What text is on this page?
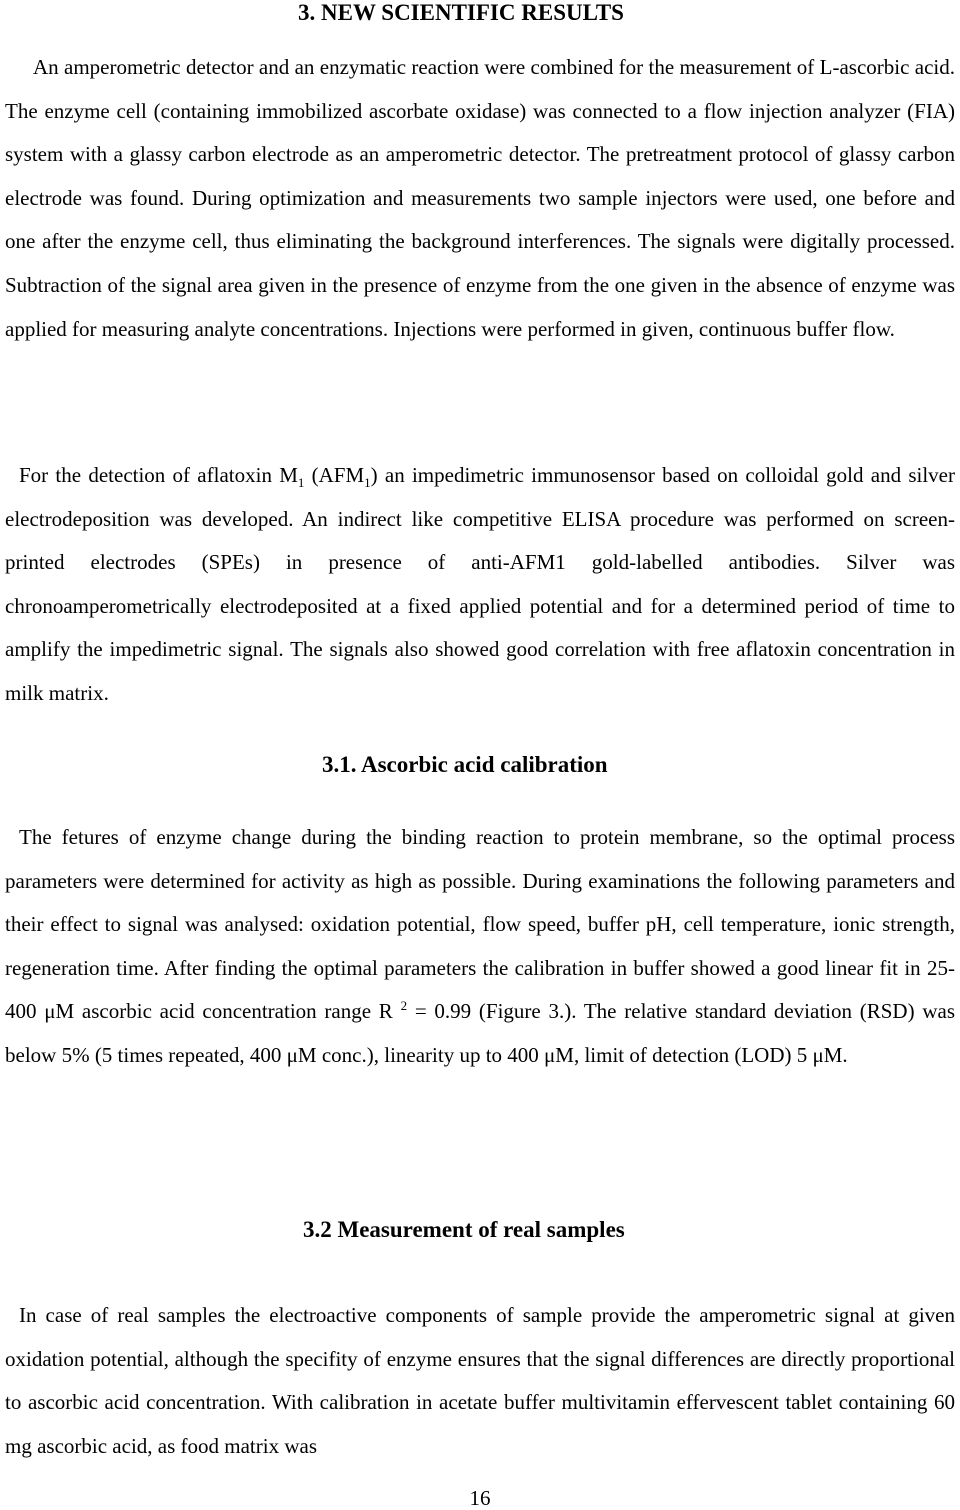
3. NEW SCIENTIFIC RESULTS

An amperometric detector and an enzymatic reaction were combined for the measurement of L-ascorbic acid. The enzyme cell (containing immobilized ascorbate oxidase) was connected to a flow injection analyzer (FIA) system with a glassy carbon electrode as an amperometric detector. The pretreatment protocol of glassy carbon electrode was found. During optimization and measurements two sample injectors were used, one before and one after the enzyme cell, thus eliminating the background interferences. The signals were digitally processed. Subtraction of the signal area given in the presence of enzyme from the one given in the absence of enzyme was applied for measuring analyte concentrations. Injections were performed in given, continuous buffer flow.

For the detection of aflatoxin $M_1$ $(AFM_1)$ an impedimetric immunosensor based on colloidal gold and silver electrodeposition was developed. An indirect like competitive ELISA procedure was performed on screen-printed electrodes (SPEs) in presence of anti-AFM1 gold-labelled antibodies. Silver was chronoamperometrically electrodeposited at a fixed applied potential and for a determined period of time to amplify the impedimetric signal. The signals also showed good correlation with free aflatoxin concentration in milk matrix.

3.1. Ascorbic acid calibration

The fetures of enzyme change during the binding reaction to protein membrane, so the optimal process parameters were determined for activity as high as possible. During examinations the following parameters and their effect to signal was analysed: oxidation potential, flow speed, buffer pH, cell temperature, ionic strength, regeneration time. After finding the optimal parameters the calibration in buffer showed a good linear fit in 25-400 μM ascorbic acid concentration range R $^2$ = 0.99 (Figure 3.). The relative standard deviation (RSD) was below 5% (5 times repeated, 400 μM conc.), linearity up to 400 μM, limit of detection (LOD) 5 μM.

3.2 Measurement of real samples

In case of real samples the electroactive components of sample provide the amperometric signal at given oxidation potential, although the specifity of enzyme ensures that the signal differences are directly proportional to ascorbic acid concentration. With calibration in acetate buffer multivitamin effervescent tablet containing 60 mg ascorbic acid, as food matrix was

16
